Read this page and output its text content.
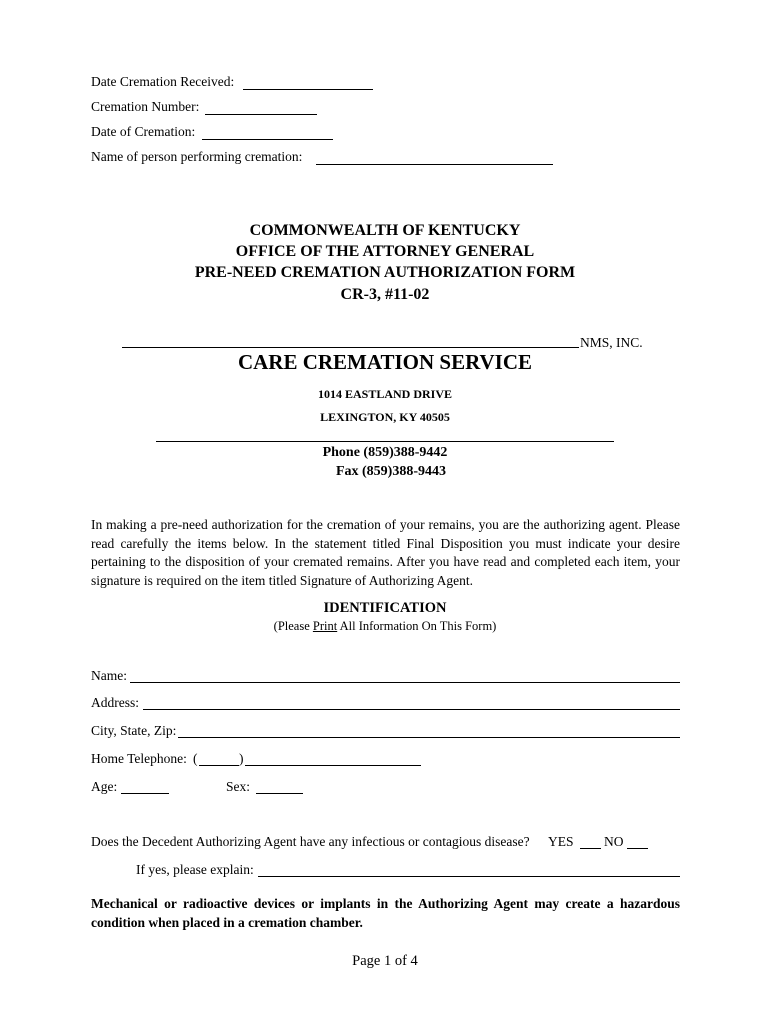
Date Cremation Received:
Cremation Number:
Date of Cremation:
Name of person performing cremation:
COMMONWEALTH OF KENTUCKY
OFFICE OF THE ATTORNEY GENERAL
PRE-NEED CREMATION AUTHORIZATION FORM
CR-3, #11-02
NMS, INC.
CARE CREMATION SERVICE
1014 EASTLAND DRIVE
LEXINGTON, KY 40505
Phone (859)388-9442
Fax (859)388-9443
In making a pre-need authorization for the cremation of your remains, you are the authorizing agent. Please read carefully the items below. In the statement titled Final Disposition you must indicate your desire pertaining to the disposition of your cremated remains. After you have read and completed each item, your signature is required on the item titled Signature of Authorizing Agent.
IDENTIFICATION
(Please Print All Information On This Form)
Name:
Address:
City, State, Zip:
Home Telephone: (	)
Age:	Sex:
Does the Decedent Authorizing Agent have any infectious or contagious disease? YES NO
If yes, please explain:
Mechanical or radioactive devices or implants in the Authorizing Agent may create a hazardous condition when placed in a cremation chamber.
Page 1 of 4
